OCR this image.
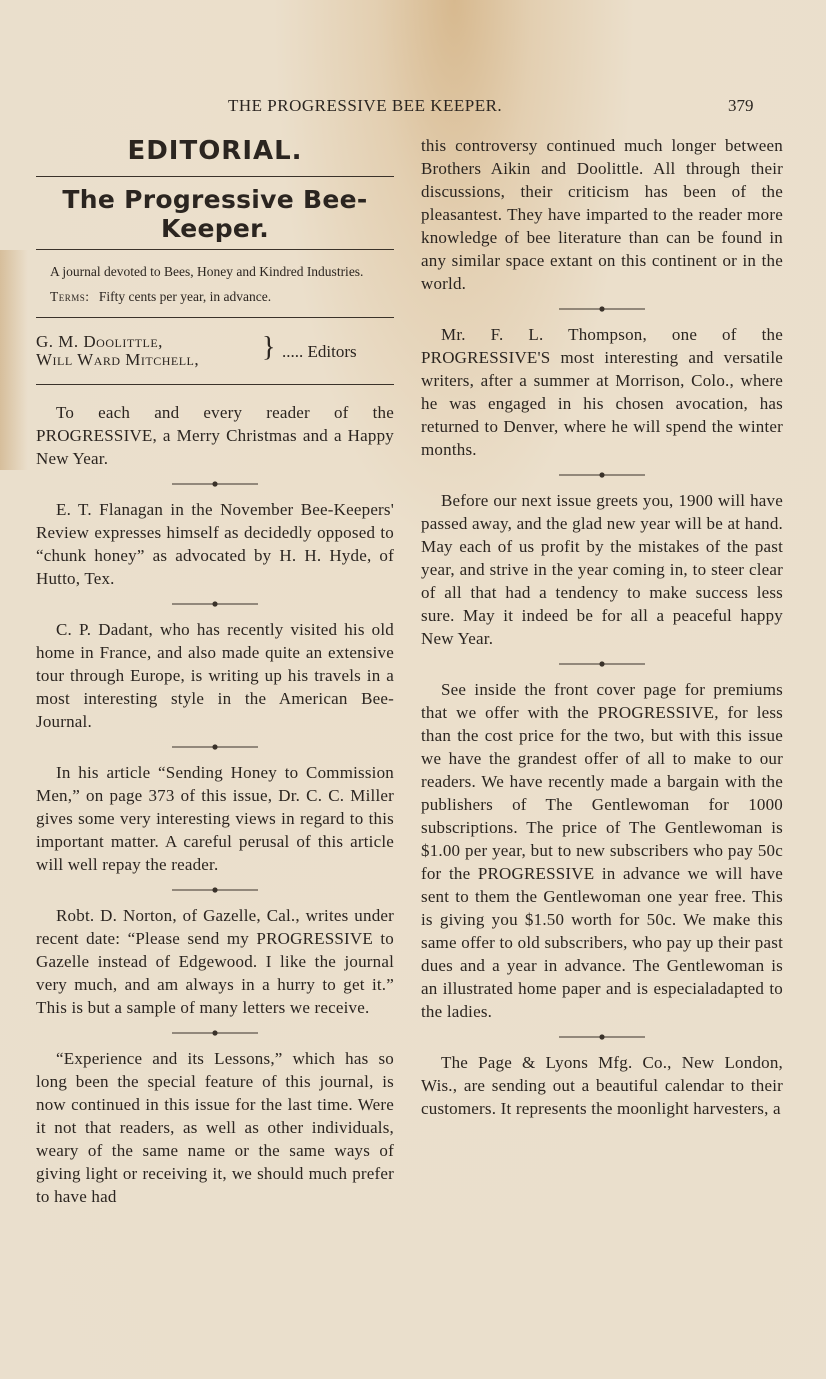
THE PROGRESSIVE BEE KEEPER.	379
EDITORIAL.
The Progressive Bee-Keeper.
A journal devoted to Bees, Honey and Kindred Industries.
Terms: Fifty cents per year, in advance.
G. M. Doolittle,
Will Ward Mitchell, } ..... Editors

To each and every reader of the PROGRESSIVE, a Merry Christmas and a Happy New Year.

E. T. Flanagan in the November Bee-Keepers' Review expresses himself as decidedly opposed to “chunk honey” as advocated by H. H. Hyde, of Hutto, Tex.

C. P. Dadant, who has recently visited his old home in France, and also made quite an extensive tour through Europe, is writing up his travels in a most interesting style in the American Bee-Journal.

In his article “Sending Honey to Commission Men,” on page 373 of this issue, Dr. C. C. Miller gives some very interesting views in regard to this important matter. A careful perusal of this article will well repay the reader.

Robt. D. Norton, of Gazelle, Cal., writes under recent date: “Please send my PROGRESSIVE to Gazelle instead of Edgewood. I like the journal very much, and am always in a hurry to get it.” This is but a sample of many letters we receive.

“Experience and its Lessons,” which has so long been the special feature of this journal, is now continued in this issue for the last time. Were it not that readers, as well as other individuals, weary of the same name or the same ways of giving light or receiving it, we should much prefer to have had

this controversy continued much longer between Brothers Aikin and Doolittle. All through their discussions, their criticism has been of the pleasantest. They have imparted to the reader more knowledge of bee literature than can be found in any similar space extant on this continent or in the world.

Mr. F. L. Thompson, one of the PROGRESSIVE'S most interesting and versatile writers, after a summer at Morrison, Colo., where he was engaged in his chosen avocation, has returned to Denver, where he will spend the winter months.

Before our next issue greets you, 1900 will have passed away, and the glad new year will be at hand. May each of us profit by the mistakes of the past year, and strive in the year coming in, to steer clear of all that had a tendency to make success less sure. May it indeed be for all a peaceful happy New Year.

See inside the front cover page for premiums that we offer with the PROGRESSIVE, for less than the cost price for the two, but with this issue we have the grandest offer of all to make to our readers. We have recently made a bargain with the publishers of The Gentlewoman for 1000 subscriptions. The price of The Gentlewoman is $1.00 per year, but to new subscribers who pay 50c for the PROGRESSIVE in advance we will have sent to them the Gentlewoman one year free. This is giving you $1.50 worth for 50c. We make this same offer to old subscribers, who pay up their past dues and a year in advance. The Gentlewoman is an illustrated home paper and is especialadapted to the ladies.

The Page & Lyons Mfg. Co., New London, Wis., are sending out a beautiful calendar to their customers. It represents the moonlight harvesters, a
